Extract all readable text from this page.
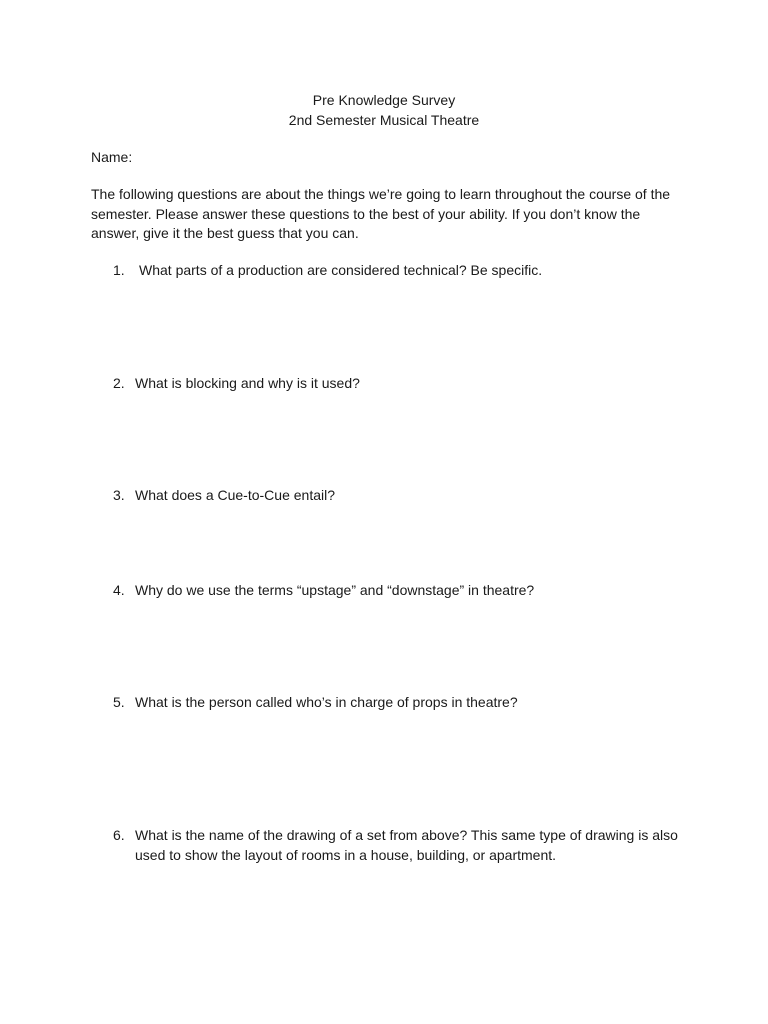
Pre Knowledge Survey
2nd Semester Musical Theatre
Name:

The following questions are about the things we’re going to learn throughout the course of the semester. Please answer these questions to the best of your ability. If you don’t know the answer, give it the best guess that you can.

1. What parts of a production are considered technical? Be specific.
2. What is blocking and why is it used?
3. What does a Cue-to-Cue entail?
4. Why do we use the terms “upstage” and “downstage” in theatre?
5. What is the person called who’s in charge of props in theatre?
6. What is the name of the drawing of a set from above? This same type of drawing is also used to show the layout of rooms in a house, building, or apartment.
